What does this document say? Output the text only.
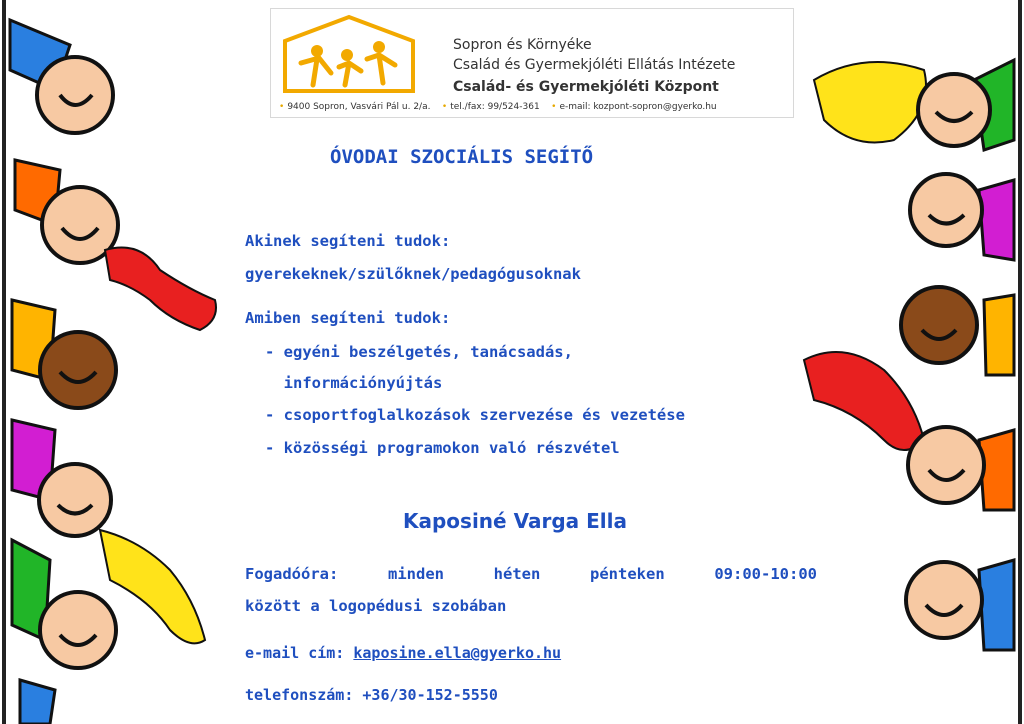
Sopron és Környéke
Család és Gyermekjóléti Ellátás Intézete
Család- és Gyermekjóléti Központ
• 9400 Sopron, Vasvári Pál u. 2/a. • tel./fax: 99/524-361 • e-mail: kozpont-sopron@gyerko.hu
ÓVODAI SZOCIÁLIS SEGÍTŐ
Akinek segíteni tudok:
gyerekeknek/szülőknek/pedagógusoknak
Amiben segíteni tudok:
- egyéni beszélgetés, tanácsadás,
információnyújtás
- csoportfoglalkozások szervezése és vezetése
- közösségi programokon való részvétel
Kaposiné Varga Ella
Fogadóóra: minden héten pénteken 09:00-10:00
között a logopédusi szobában
e-mail cím: kaposine.ella@gyerko.hu
telefonszám: +36/30-152-5550
